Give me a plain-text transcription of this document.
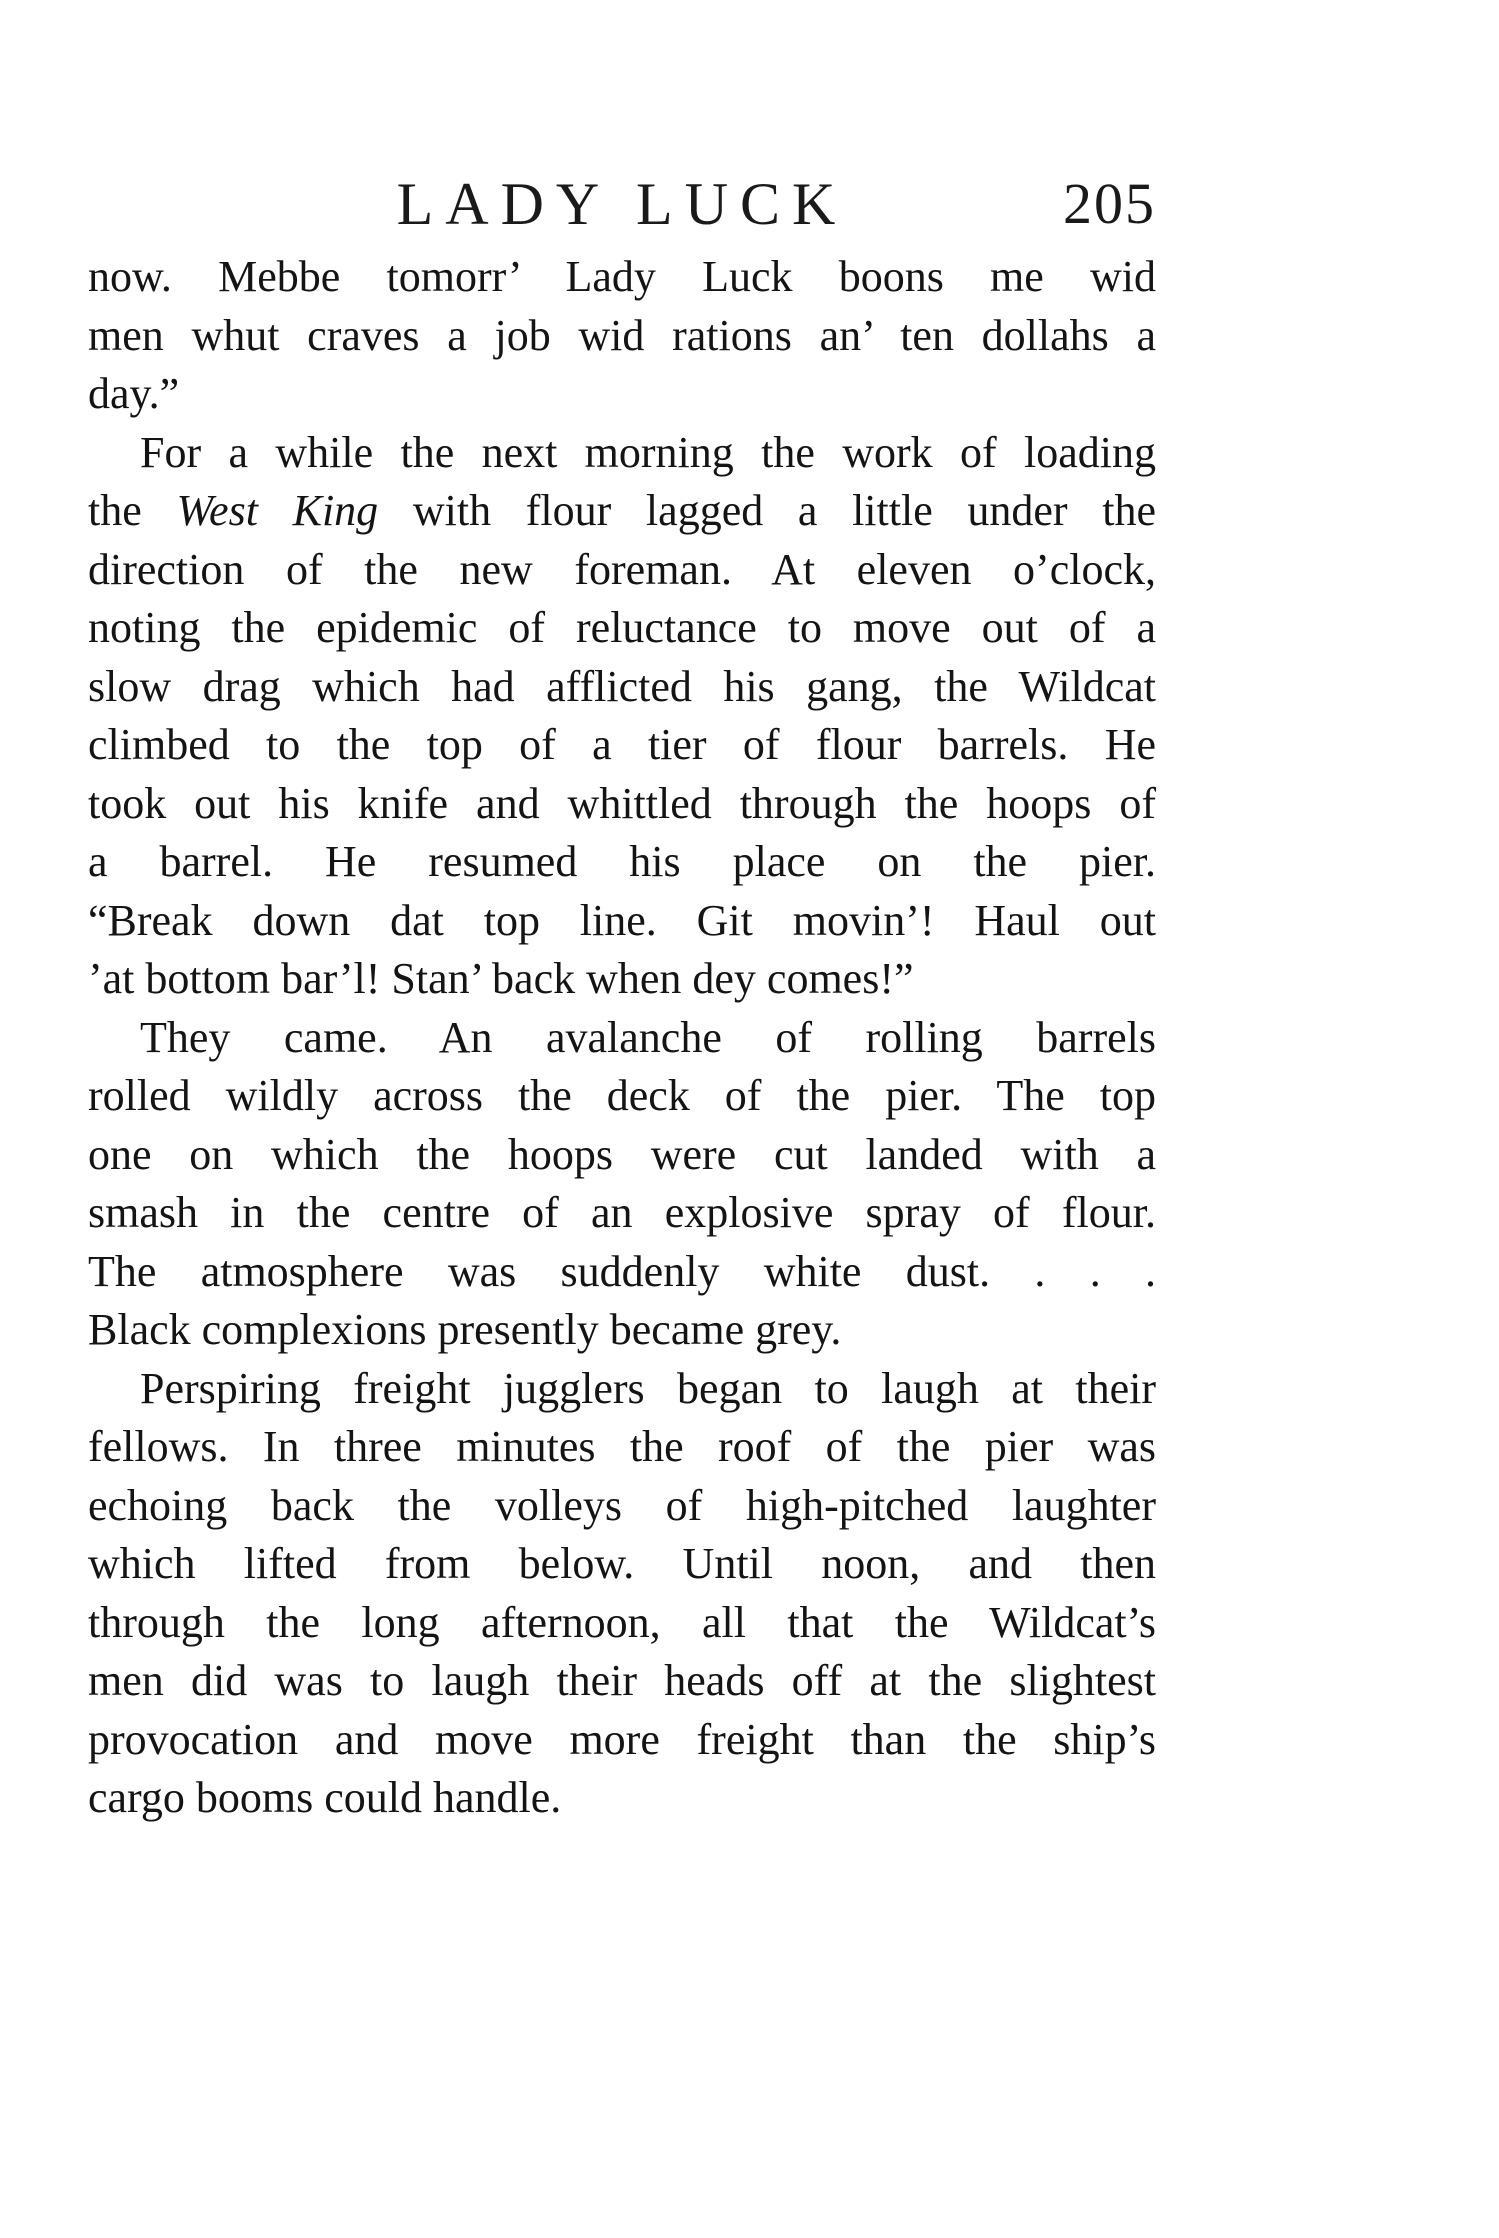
LADY LUCK	205
now. Mebbe tomorr’ Lady Luck boons me wid
men whut craves a job wid rations an’ ten dollahs a
day.”
For a while the next morning the work of loading
the West King with flour lagged a little under the
direction of the new foreman. At eleven o’clock,
noting the epidemic of reluctance to move out of a
slow drag which had afflicted his gang, the Wildcat
climbed to the top of a tier of flour barrels. He
took out his knife and whittled through the hoops of
a barrel. He resumed his place on the pier.
“Break down dat top line. Git movin’! Haul out
’at bottom bar’l! Stan’ back when dey comes!”
They came. An avalanche of rolling barrels
rolled wildly across the deck of the pier. The top
one on which the hoops were cut landed with a
smash in the centre of an explosive spray of flour.
The atmosphere was suddenly white dust. . . .
Black complexions presently became grey.
Perspiring freight jugglers began to laugh at their
fellows. In three minutes the roof of the pier was
echoing back the volleys of high-pitched laughter
which lifted from below. Until noon, and then
through the long afternoon, all that the Wildcat’s
men did was to laugh their heads off at the slightest
provocation and move more freight than the ship’s
cargo booms could handle.
